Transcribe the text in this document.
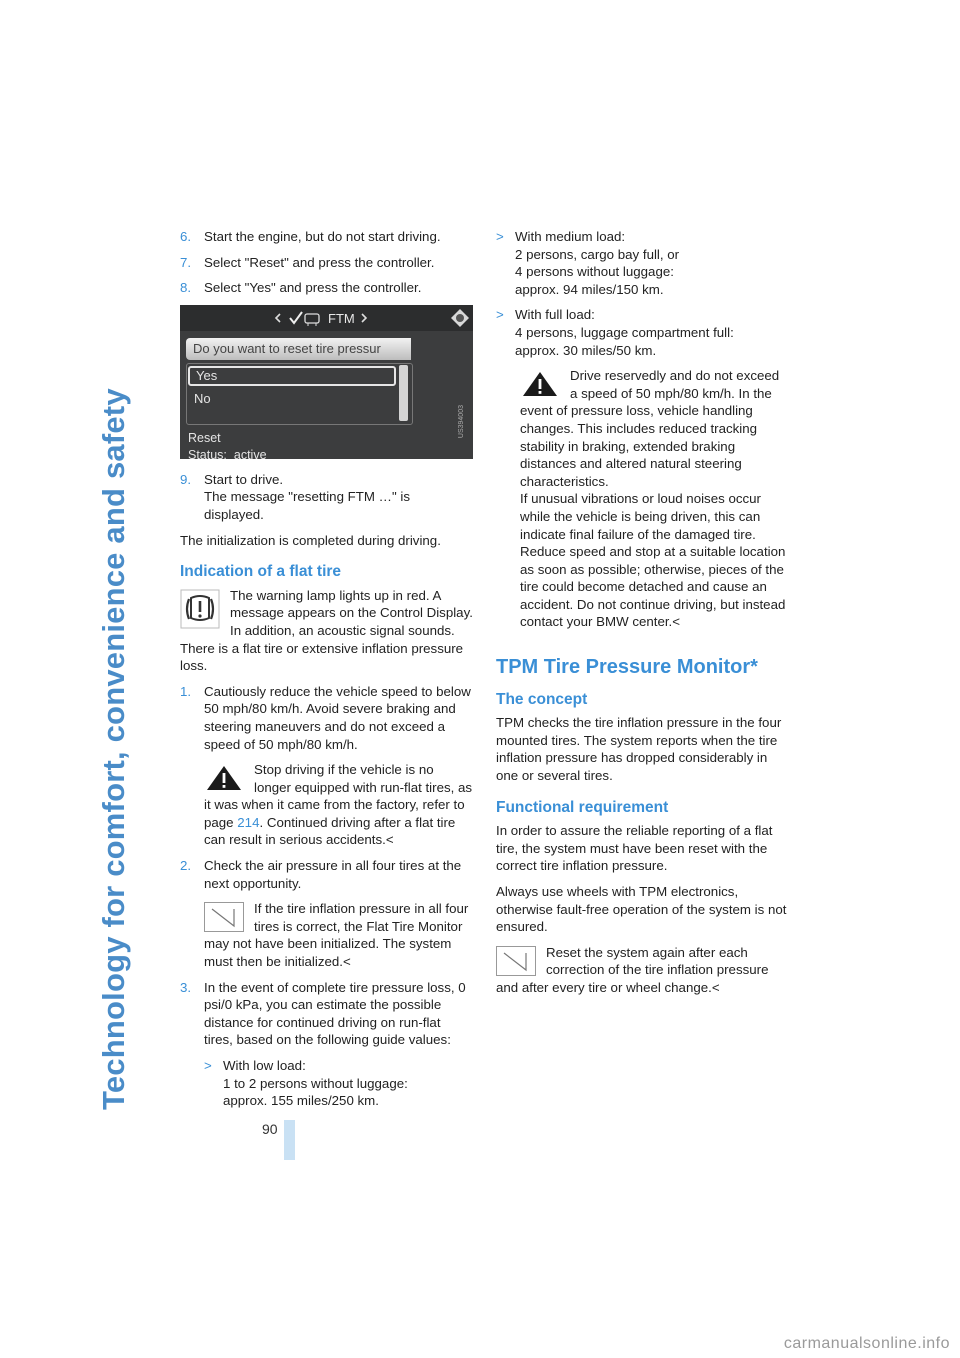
Technology for comfort, convenience and safety
6. Start the engine, but do not start driving.
7. Select "Reset" and press the controller.
8. Select "Yes" and press the controller.
FTM
Do you want to reset tire pressur
Yes
No
Reset
Status: active
US394003
9. Start to drive.
The message "resetting FTM …" is displayed.

The initialization is completed during driving.

Indication of a flat tire
The warning lamp lights up in red. A message appears on the Control Display. In addition, an acoustic signal sounds. There is a flat tire or extensive inflation pressure loss.
1. Cautiously reduce the vehicle speed to below 50 mph/80 km/h. Avoid severe braking and steering maneuvers and do not exceed a speed of 50 mph/80 km/h.
Stop driving if the vehicle is no longer equipped with run-flat tires, as it was when it came from the factory, refer to page 214. Continued driving after a flat tire can result in serious accidents.<
2. Check the air pressure in all four tires at the next opportunity.
If the tire inflation pressure in all four tires is correct, the Flat Tire Monitor may not have been initialized. The system must then be initialized.<
3. In the event of complete tire pressure loss, 0 psi/0 kPa, you can estimate the possible distance for continued driving on run-flat tires, based on the following guide values:
> With low load:
1 to 2 persons without luggage:
approx. 155 miles/250 km.
> With medium load:
2 persons, cargo bay full, or
4 persons without luggage:
approx. 94 miles/150 km.
> With full load:
4 persons, luggage compartment full:
approx. 30 miles/50 km.
Drive reservedly and do not exceed a speed of 50 mph/80 km/h. In the event of pressure loss, vehicle handling changes. This includes reduced tracking stability in braking, extended braking distances and altered natural steering characteristics.

If unusual vibrations or loud noises occur while the vehicle is being driven, this can indicate final failure of the damaged tire. Reduce speed and stop at a suitable location as soon as possible; otherwise, pieces of the tire could become detached and cause an accident. Do not continue driving, but instead contact your BMW center.<

TPM Tire Pressure Monitor*
The concept

TPM checks the tire inflation pressure in the four mounted tires. The system reports when the tire inflation pressure has dropped considerably in one or several tires.

Functional requirement

In order to assure the reliable reporting of a flat tire, the system must have been reset with the correct tire inflation pressure.

Always use wheels with TPM electronics, otherwise fault-free operation of the system is not ensured.

Reset the system again after each correction of the tire inflation pressure and after every tire or wheel change.<
90
carmanualsonline.info
